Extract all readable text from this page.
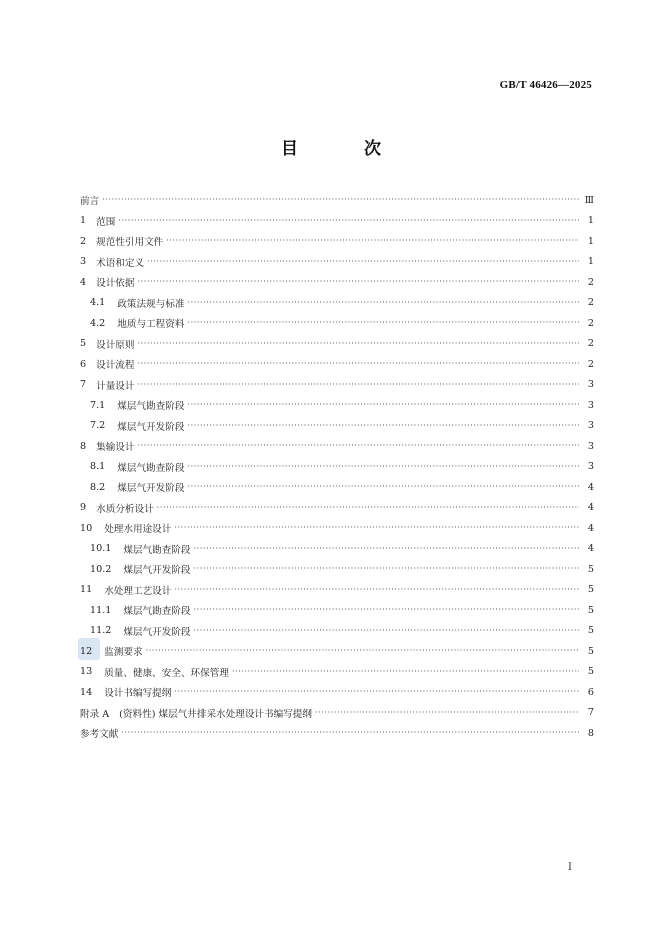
GB/T 46426—2025
目 次
前言 ·····	Ⅲ
1 范围 ·····	1
2 规范性引用文件 ·····	1
3 术语和定义 ·····	1
4 设计依据 ·····	2
4.1 政策法规与标准 ·····	2
4.2 地质与工程资料 ·····	2
5 设计原则 ·····	2
6 设计流程 ·····	2
7 计量设计 ·····	3
7.1 煤层气勘查阶段 ·····	3
7.2 煤层气开发阶段 ·····	3
8 集输设计 ·····	3
8.1 煤层气勘查阶段 ·····	3
8.2 煤层气开发阶段 ·····	4
9 水质分析设计 ·····	4
10 处理水用途设计 ·····	4
10.1 煤层气勘查阶段 ·····	4
10.2 煤层气开发阶段 ·····	5
11 水处理工艺设计 ·····	5
11.1 煤层气勘查阶段 ·····	5
11.2 煤层气开发阶段 ·····	5
12 监测要求 ·····	5
13 质量、健康、安全、环保管理 ·····	5
14 设计书编写提纲 ·····	6
附录 A (资料性) 煤层气井排采水处理设计书编写提纲 ·····	7
参考文献 ·····	8
Ⅰ
